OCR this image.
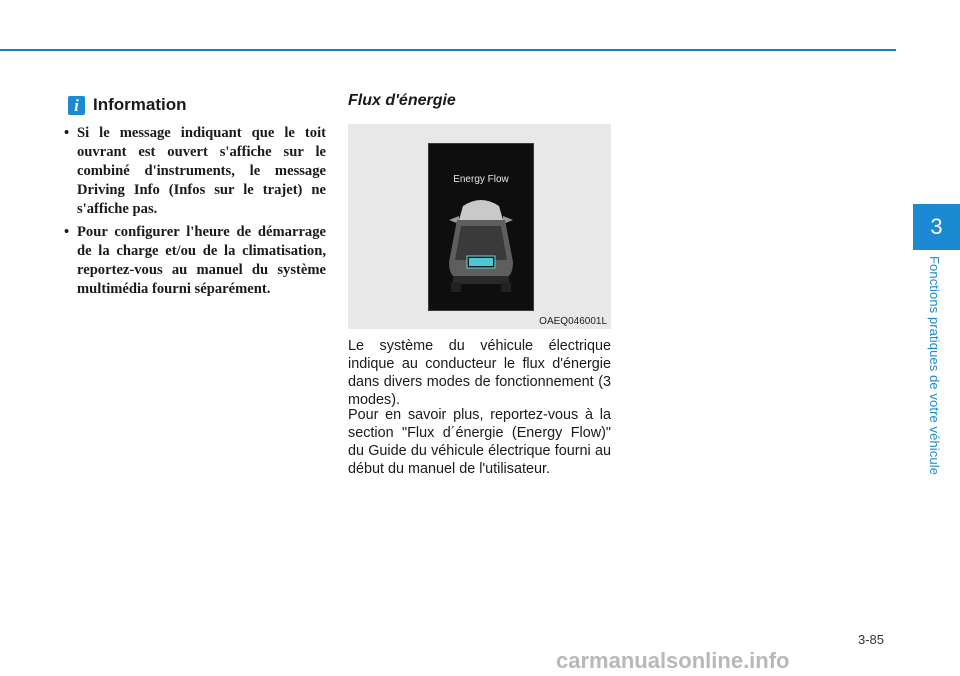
i Information
• Si le message indiquant que le toit ouvrant est ouvert s'affiche sur le combiné d'instruments, le message Driving Info (Infos sur le trajet) ne s'affiche pas.
• Pour configurer l'heure de démarrage de la charge et/ou de la climatisation, reportez-vous au manuel du système multimédia fourni séparément.
Flux d'énergie
Energy Flow
OAEQ046001L

Le système du véhicule électrique indique au conducteur le flux d'énergie dans divers modes de fonctionnement (3 modes).

Pour en savoir plus, reportez-vous à la section "Flux d´énergie (Energy Flow)" du Guide du véhicule électrique fourni au début du manuel de l'utilisateur.

3
Fonctions pratiques de votre véhicule
3-85
carmanualsonline.info
